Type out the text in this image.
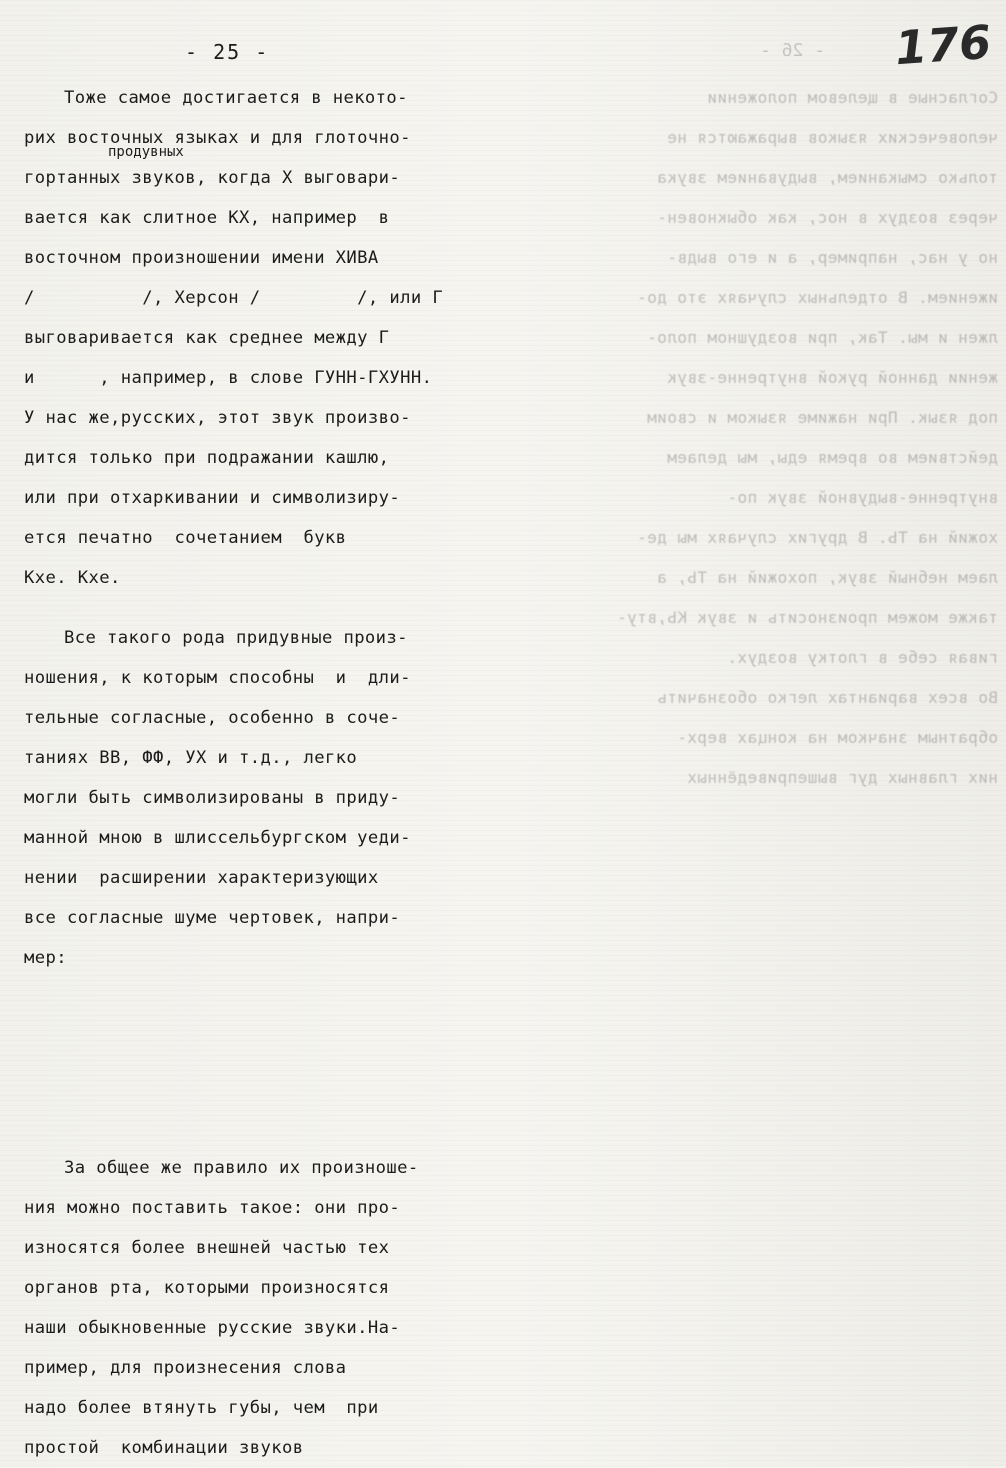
- 25 -	176
- 26 -
продувных
Тоже самое достигается в некото-
рих восточных языках и для глоточно-
гортанных звуков, когда Х выговари-
вается как слитное КХ, например  в
восточном произношении имени ХИВА
/          /, Херсон /         /, или Г
выговаривается как среднее между Г
и      , например, в слове ГУНН-ГХУНН.
У нас же,русских, этот звук произво-
дится только при подражании кашлю,
или при отхаркивании и символизиру-
ется печатно  сочетанием  букв
Кхе. Кхе.
Все такого рода придувные произ-
ношения, к которым способны  и  дли-
тельные согласные, особенно в соче-
таниях ВВ, ФФ, УХ и т.д., легко
могли быть символизированы в приду-
манной мною в шлиссельбургском уеди-
нении  расширении характеризующих
все согласные шуме чертовек, напри-
мер:
За общее же правило их произноше-
ния можно поставить такое: они про-
износятся более внешней частью тех
органов рта, которыми произносятся
наши обыкновенные русские звуки.На-
пример, для произнесения слова
надо более втянуть губы, чем  при
простой  комбинации звуков
Согласные в щелевом положении
человеческих языков выражаются не
только смыканием, выдуванием звука
через воздух в нос, как обыкновен-
но у нас, например, а и его выдв-
ижением. В отдельных случаях это до-
лжен и мы. Так, при воздушном поло-
жении данной рукой внутренне-звук
под язык. При нажиме языком и своим
действием во время еды, мы делаем
внутренне-выдувной звук по-
хожий на ТЬ. В других случаях мы де-
лаем небный звук, похожий на ТЬ, а
также можем произносить и звук КЬ,вту-
гивая себе в глотку воздух.
Во всех вариантах легко обозначить
обратным значком на концах верх-
них главных дуг вышеприведённых
